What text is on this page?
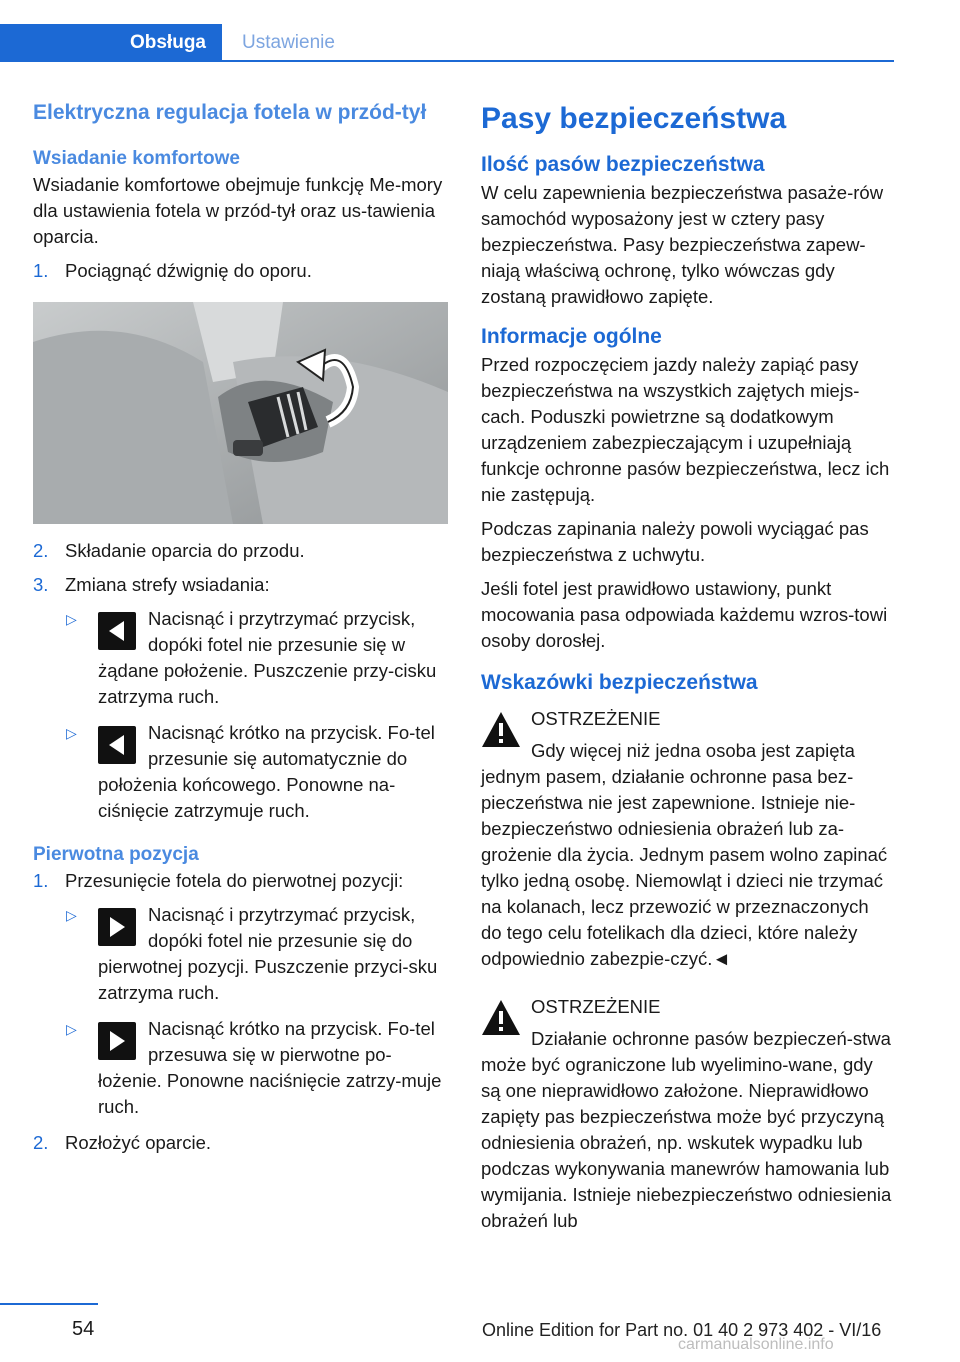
Obsługa	Ustawienie
Elektryczna regulacja fotela w przód-tył
Wsiadanie komfortowe

Wsiadanie komfortowe obejmuje funkcję Me-mory dla ustawienia fotela w przód-tył oraz us-tawienia oparcia.

1. Pociągnąć dźwignię do oporu.
2. Składanie oparcia do przodu.
3. Zmiana strefy wsiadania:
▷	Nacisnąć i przytrzymać przycisk, dopóki fotel nie przesunie się w żądane położenie. Puszczenie przy-cisku zatrzyma ruch.
▷	Nacisnąć krótko na przycisk. Fo-tel przesunie się automatycznie do położenia końcowego. Ponowne na-ciśnięcie zatrzymuje ruch.
Pierwotna pozycja
1. Przesunięcie fotela do pierwotnej pozycji:
▷	Nacisnąć i przytrzymać przycisk, dopóki fotel nie przesunie się do pierwotnej pozycji. Puszczenie przyci-sku zatrzyma ruch.
▷	Nacisnąć krótko na przycisk. Fo-tel przesuwa się w pierwotne po-łożenie. Ponowne naciśnięcie zatrzy-muje ruch.
2. Rozłożyć oparcie.
Pasy bezpieczeństwa
Ilość pasów bezpieczeństwa

W celu zapewnienia bezpieczeństwa pasaże-rów samochód wyposażony jest w cztery pasy bezpieczeństwa. Pasy bezpieczeństwa zapew-niają właściwą ochronę, tylko wówczas gdy zostaną prawidłowo zapięte.

Informacje ogólne

Przed rozpoczęciem jazdy należy zapiąć pasy bezpieczeństwa na wszystkich zajętych miejs-cach. Poduszki powietrzne są dodatkowym urządzeniem zabezpieczającym i uzupełniają funkcje ochronne pasów bezpieczeństwa, lecz ich nie zastępują.

Podczas zapinania należy powoli wyciągać pas bezpieczeństwa z uchwytu.

Jeśli fotel jest prawidłowo ustawiony, punkt mocowania pasa odpowiada każdemu wzros-towi osoby dorosłej.

Wskazówki bezpieczeństwa
OSTRZEŻENIE
Gdy więcej niż jedna osoba jest zapięta jednym pasem, działanie ochronne pasa bez-pieczeństwa nie jest zapewnione. Istnieje nie-bezpieczeństwo odniesienia obrażeń lub za-grożenie dla życia. Jednym pasem wolno zapinać tylko jedną osobę. Niemowląt i dzieci nie trzymać na kolanach, lecz przewozić w przeznaczonych do tego celu fotelikach dla dzieci, które należy odpowiednio zabezpie-czyć.◄
OSTRZEŻENIE
Działanie ochronne pasów bezpieczeń-stwa może być ograniczone lub wyelimino-wane, gdy są one nieprawidłowo założone. Nieprawidłowo zapięty pas bezpieczeństwa może być przyczyną odniesienia obrażeń, np. wskutek wypadku lub podczas wykonywania manewrów hamowania lub wymijania. Istnieje niebezpieczeństwo odniesienia obrażeń lub
54	Online Edition for Part no. 01 40 2 973 402 - VI/16
carmanualsonline.info
